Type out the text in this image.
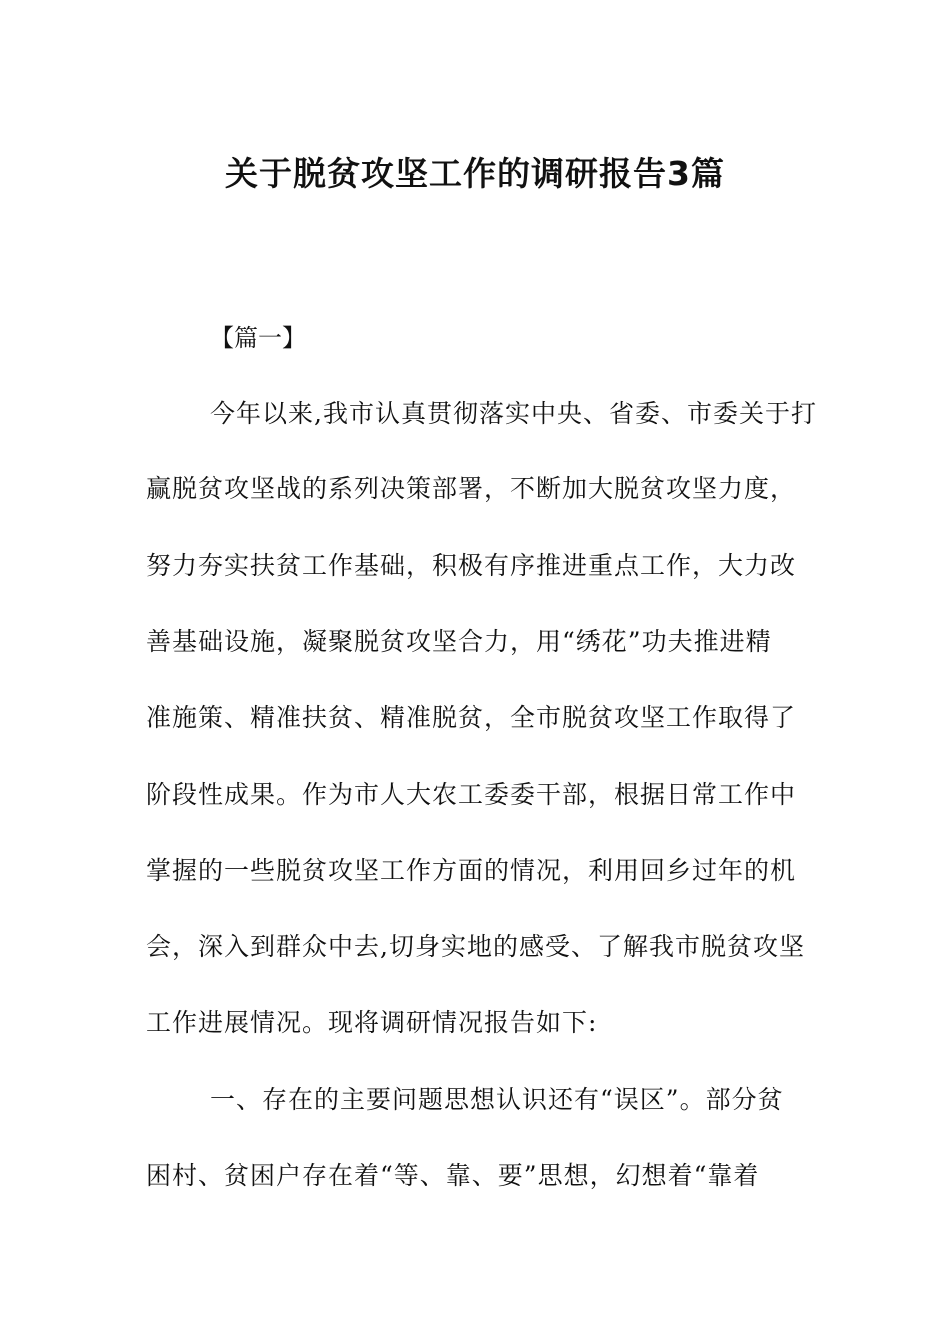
关于脱贫攻坚工作的调研报告3篇

【篇一】

今年以来,我市认真贯彻落实中央、省委、市委关于打

赢脱贫攻坚战的系列决策部署，不断加大脱贫攻坚力度，

努力夯实扶贫工作基础，积极有序推进重点工作，大力改

善基础设施，凝聚脱贫攻坚合力，用“绣花”功夫推进精

准施策、精准扶贫、精准脱贫，全市脱贫攻坚工作取得了

阶段性成果。作为市人大农工委委干部，根据日常工作中

掌握的一些脱贫攻坚工作方面的情况，利用回乡过年的机

会，深入到群众中去,切身实地的感受、了解我市脱贫攻坚

工作进展情况。现将调研情况报告如下:

一、存在的主要问题思想认识还有“误区”。部分贫

困村、贫困户存在着“等、靠、要”思想，幻想着“靠着
